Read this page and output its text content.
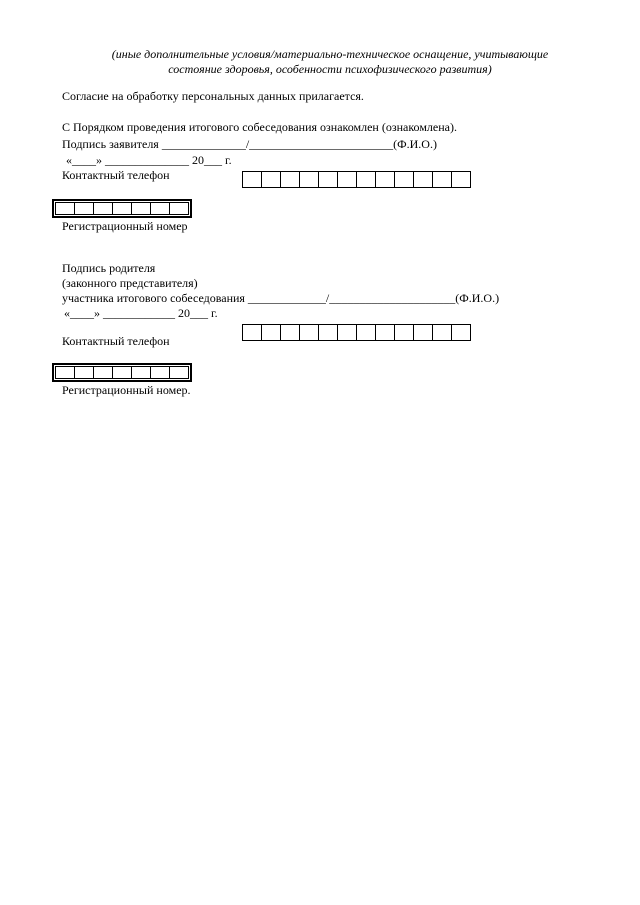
(иные дополнительные условия/материально-техническое оснащение, учитывающие
состояние здоровья, особенности психофизического развития)
Согласие на обработку персональных данных прилагается.
С Порядком проведения итогового собеседования ознакомлен (ознакомлена).
Подпись заявителя ______________/________________________(Ф.И.О.)
«____» ______________ 20___ г.
Контактный телефон
Регистрационный номер
Подпись родителя
(законного представителя)
участника итогового собеседования _____________/_____________________(Ф.И.О.)
«____» ____________ 20___ г.
Контактный телефон
Регистрационный номер.
